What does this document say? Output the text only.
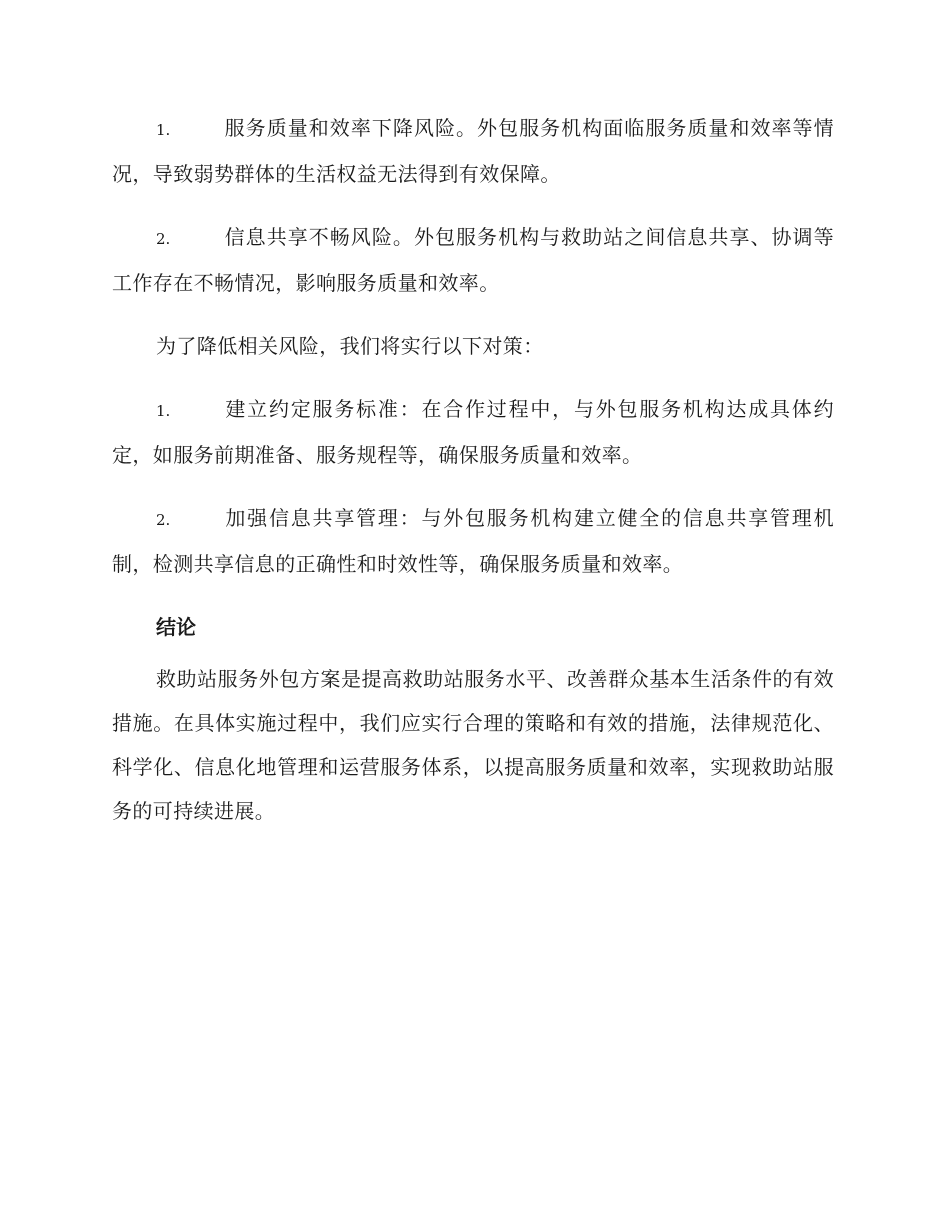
1.	服务质量和效率下降风险。外包服务机构面临服务质量和效率等情况，导致弱势群体的生活权益无法得到有效保障。

2.	信息共享不畅风险。外包服务机构与救助站之间信息共享、协调等工作存在不畅情况，影响服务质量和效率。

为了降低相关风险，我们将实行以下对策：

1.	建立约定服务标准：在合作过程中，与外包服务机构达成具体约定，如服务前期准备、服务规程等，确保服务质量和效率。

2.	加强信息共享管理：与外包服务机构建立健全的信息共享管理机制，检测共享信息的正确性和时效性等，确保服务质量和效率。

结论

救助站服务外包方案是提高救助站服务水平、改善群众基本生活条件的有效措施。在具体实施过程中，我们应实行合理的策略和有效的措施，法律规范化、科学化、信息化地管理和运营服务体系，以提高服务质量和效率，实现救助站服务的可持续进展。
